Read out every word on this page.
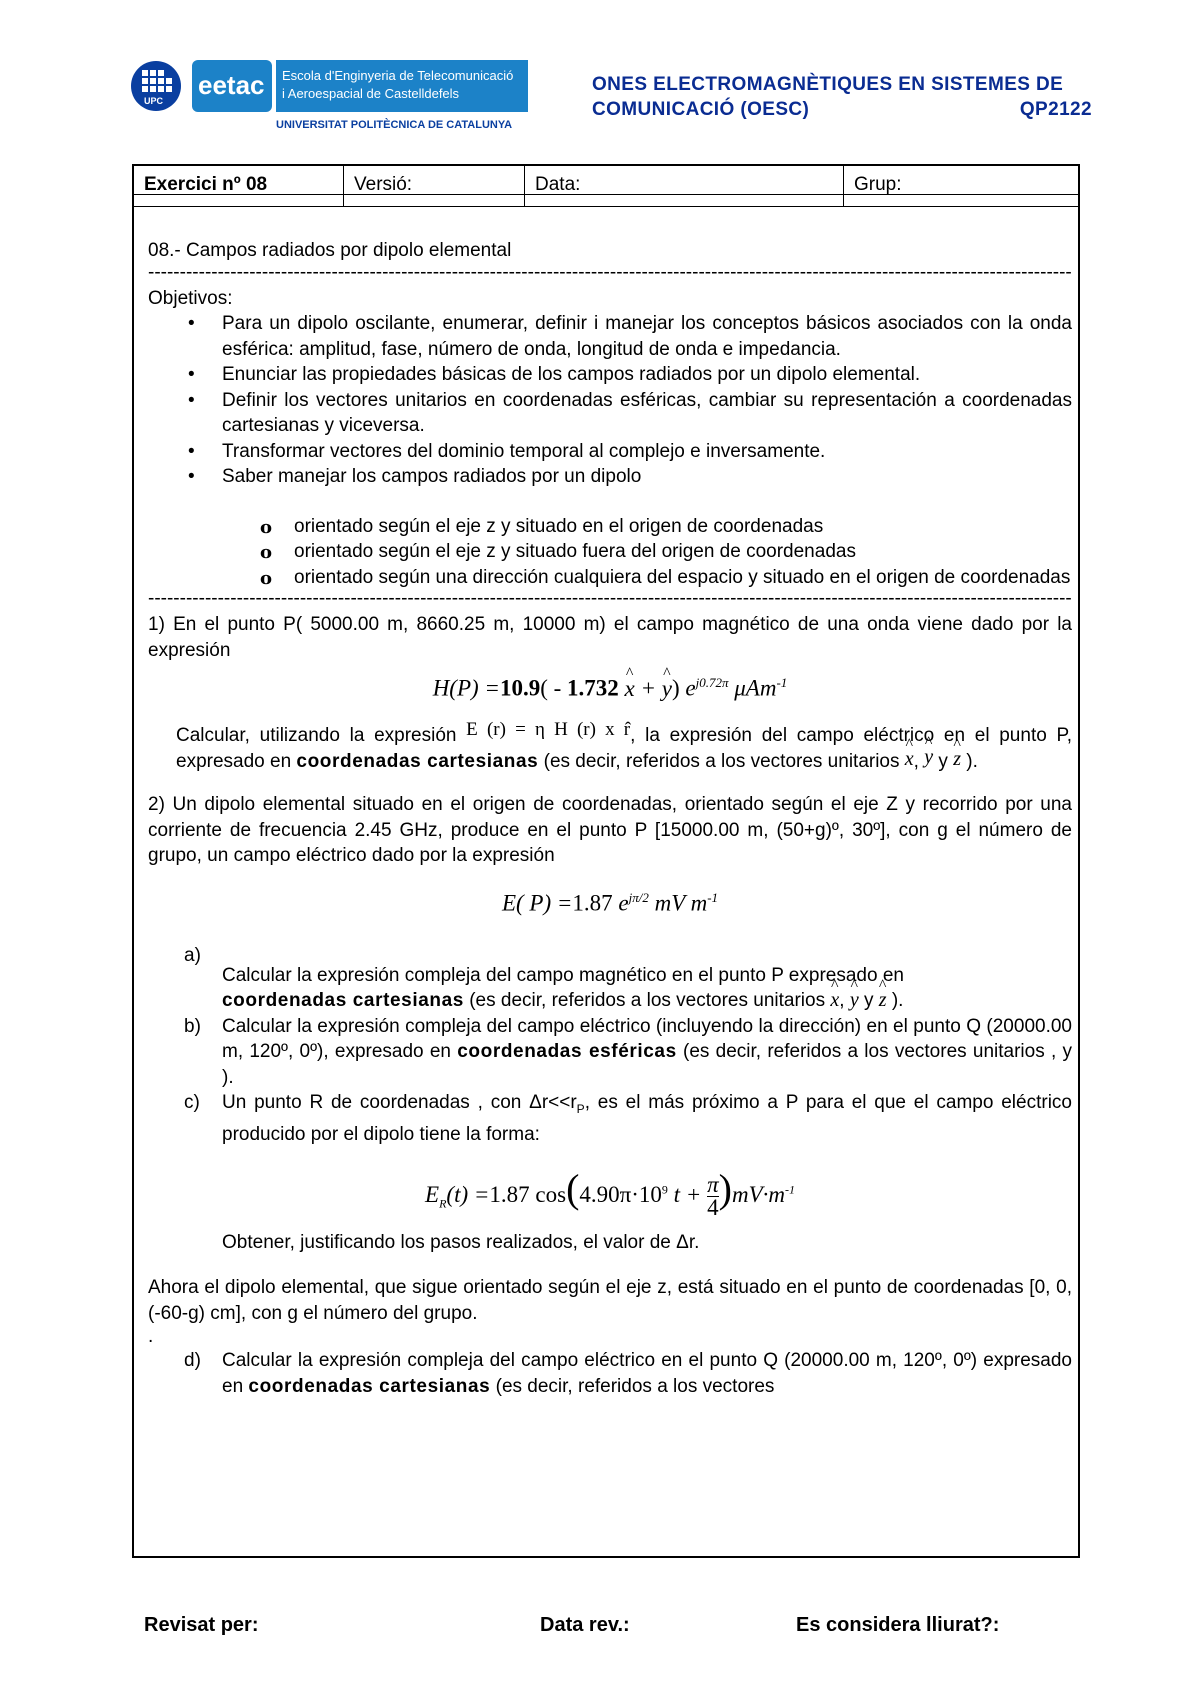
UPC
eetac Escola d'Enginyeria de Telecomunicació
i Aeroespacial de Castelldefels
UNIVERSITAT POLITÈCNICA DE CATALUNYA
ONES ELECTROMAGNÈTIQUES EN SISTEMES DE
COMUNICACIÓ (OESC)	QP2122
Exercici nº 08	Versió:	Data:	Grup:

08.- Campos radiados por dipolo elemental

--------------------------------------------------------------------------------------------------------------------------------------------------

Objetivos:

• Para un dipolo oscilante, enumerar, definir i manejar los conceptos básicos asociados con la onda esférica: amplitud, fase, número de onda, longitud de onda e impedancia.
• Enunciar las propiedades básicas de los campos radiados por un dipolo elemental.
• Definir los vectores unitarios en coordenadas esféricas, cambiar su representación a coordenadas cartesianas y viceversa.
• Transformar vectores del dominio temporal al complejo e inversamente.
• Saber manejar los campos radiados por un dipolo
o orientado según el eje z y situado en el origen de coordenadas
o orientado según el eje z y situado fuera del origen de coordenadas
o orientado según una dirección cualquiera del espacio y situado en el origen de coordenadas
--------------------------------------------------------------------------------------------------------------------------------------------------

1) En el punto P( 5000.00 m, 8660.25 m, 10000 m) el campo magnético de una onda viene dado por la expresión

H(P) =10.9( - 1.732 ^ x + ^ y) $e^{j0.72\pi}$ μAm$^{-1}$

Calcular, utilizando la expresión E (r) = η H (r) x r̂, la expresión del campo eléctrico en el punto P, expresado en coordenadas cartesianas (es decir, referidos a los vectores unitarios ^ x, ^ y y ^ z ).

2) Un dipolo elemental situado en el origen de coordenadas, orientado según el eje Z y recorrido por una corriente de frecuencia 2.45 GHz, produce en el punto P [15000.00 m, (50+g)º, 30º], con g el número de grupo, un campo eléctrico dado por la expresión

E( P) =1.87 $e^{j\pi/2}$ mV $m^{-1}$
a)
Calcular la expresión compleja del campo magnético en el punto P expresado en
coordenadas cartesianas (es decir, referidos a los vectores unitarios ^ x, ^ y y ^ z ).
b) Calcular la expresión compleja del campo eléctrico (incluyendo la dirección) en el punto Q (20000.00 m, 120º, 0º), expresado en coordenadas esféricas (es decir, referidos a los vectores unitarios , y ).
c) Un punto R de coordenadas , con $\Delta r<<r_P$, es el más próximo a P para el que el campo eléctrico producido por el dipolo tiene la forma:
$E_R(t) =1.87$ $\cos(4.90\pi\cdot 10^9$ $t + \frac{\pi}{4} )mV\cdot m^{-1}$

Obtener, justificando los pasos realizados, el valor de Δr.

Ahora el dipolo elemental, que sigue orientado según el eje z, está situado en el punto de coordenadas [0, 0, (-60-g) cm], con g el número del grupo.

.

d) Calcular la expresión compleja del campo eléctrico en el punto Q (20000.00 m, 120º, 0º) expresado en coordenadas cartesianas (es decir, referidos a los vectores
Revisat per:	Data rev.:	Es considera lliurat?:
